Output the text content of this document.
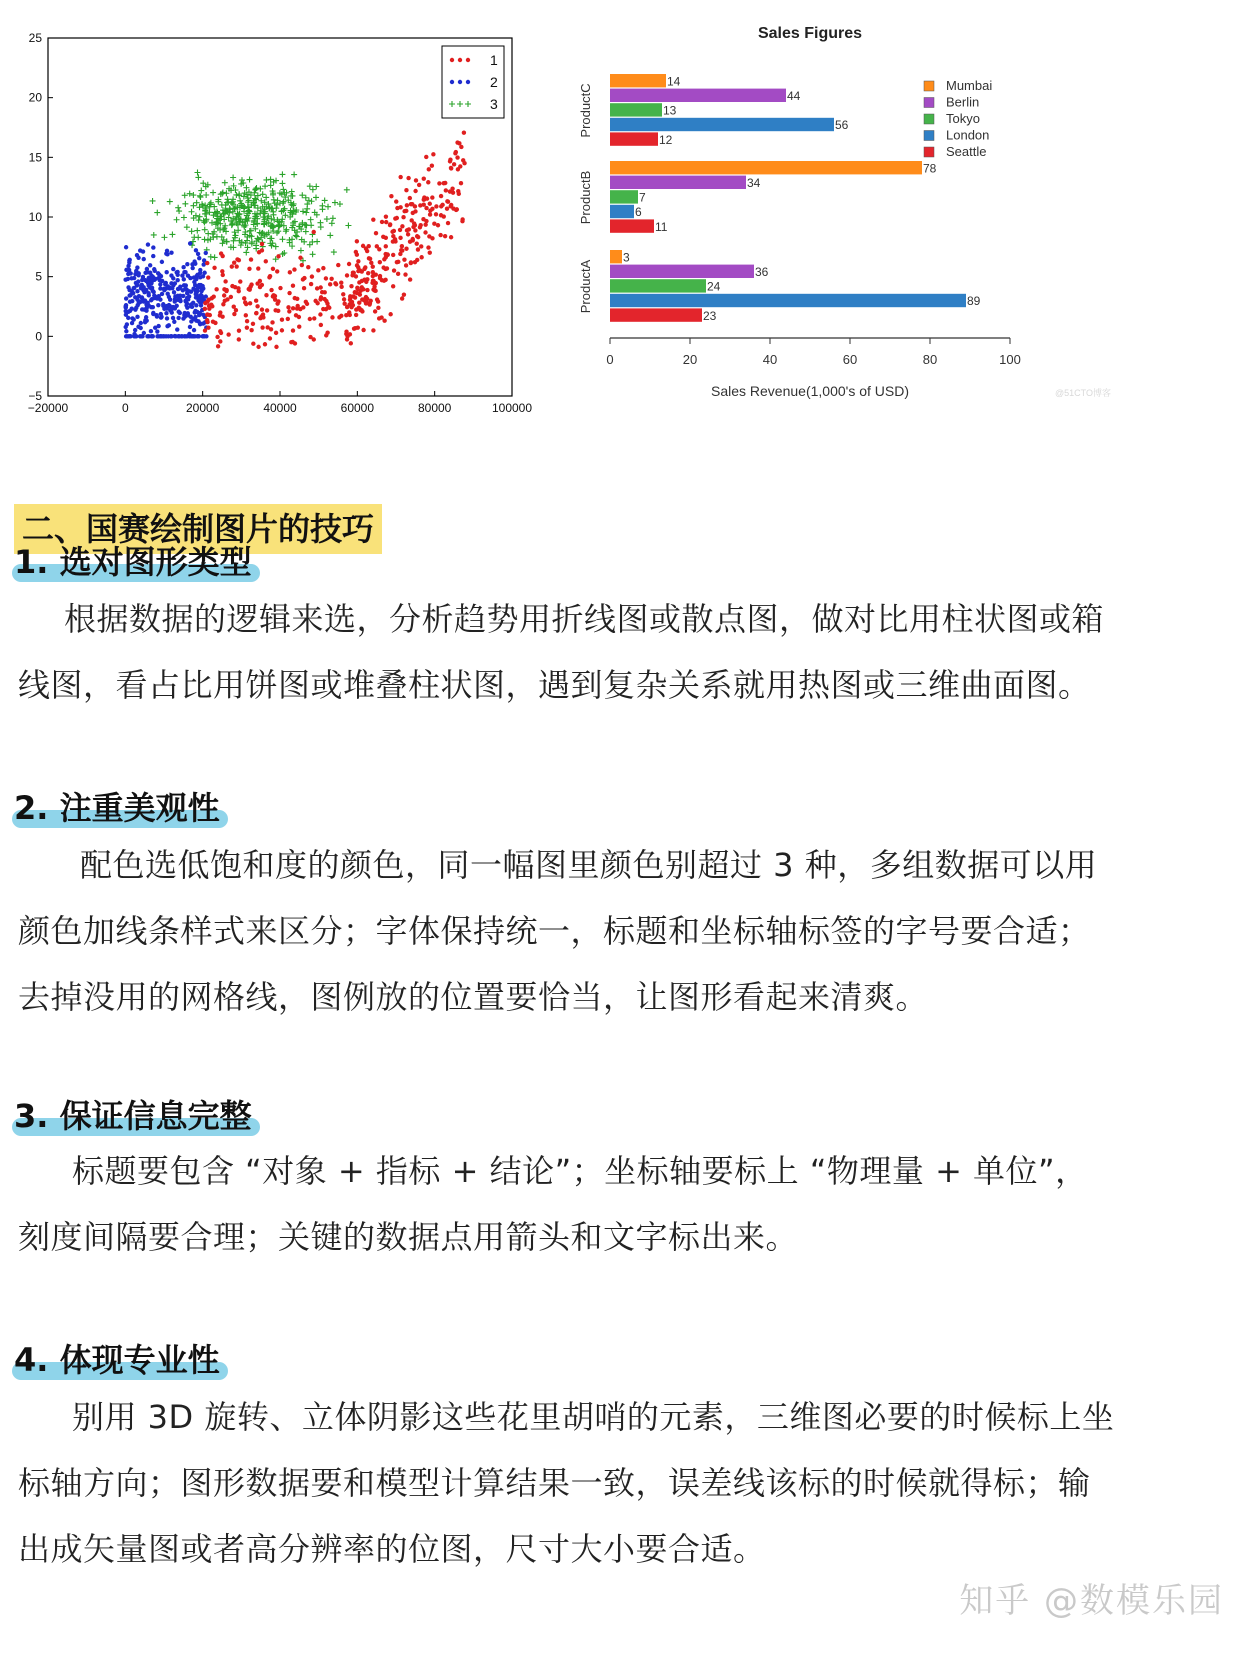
−20000	0	20000	40000	60000	80000	100000
25
20
15
10
5
0
−5
1
2
3
Sales Figures
ProductC
ProductB
ProductA
14
44
13
56
12
78
34
7
6
11
3
36
24
89
23
0	20	40	60	80	100
Sales Revenue(1,000's of USD)
Mumbai
Berlin
Tokyo
London
Seattle
@51CTO博客
二、国赛绘制图片的技巧
1. 选对图形类型
根据数据的逻辑来选，分析趋势用折线图或散点图，做对比用柱状图或箱
线图，看占比用饼图或堆叠柱状图，遇到复杂关系就用热图或三维曲面图。
2. 注重美观性
配色选低饱和度的颜色，同一幅图里颜色别超过 3 种，多组数据可以用
颜色加线条样式来区分；字体保持统一，标题和坐标轴标签的字号要合适；
去掉没用的网格线，图例放的位置要恰当，让图形看起来清爽。
3. 保证信息完整
标题要包含 “对象 + 指标 + 结论”；坐标轴要标上 “物理量 + 单位”，
刻度间隔要合理；关键的数据点用箭头和文字标出来。
4. 体现专业性
别用 3D 旋转、立体阴影这些花里胡哨的元素，三维图必要的时候标上坐
标轴方向；图形数据要和模型计算结果一致，误差线该标的时候就得标；输
出成矢量图或者高分辨率的位图，尺寸大小要合适。
知乎 @数模乐园
